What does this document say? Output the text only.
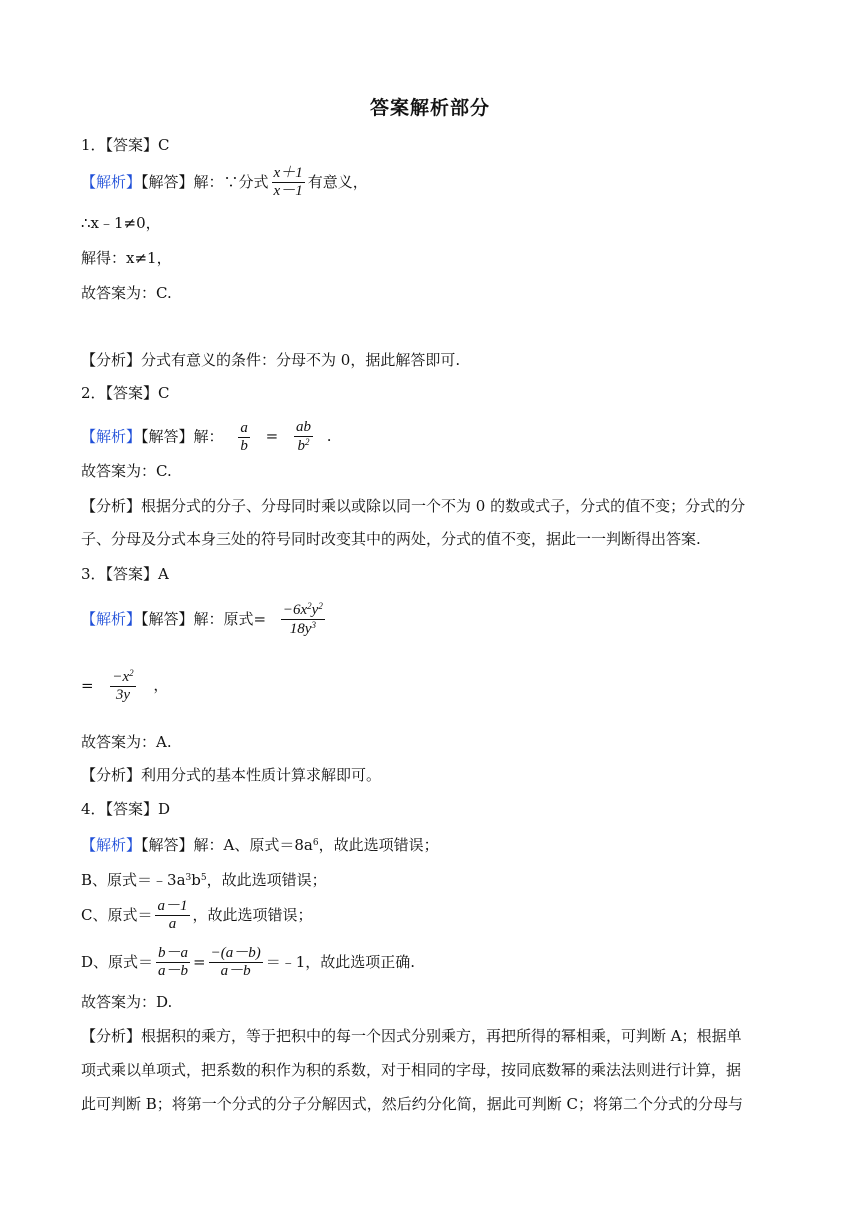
答案解析部分
1．【答案】C
【解析】【解答】解：∵分式 $\frac{x+1}{x-1}$ 有意义，
∴x﹣1≠0，
解得：x≠1，
故答案为：C.
【分析】分式有意义的条件：分母不为 0，据此解答即可.
2．【答案】C
【解析】【解答】解： $\frac{a}{b} = \frac{ab}{b^2}$ .
故答案为：C.
【分析】根据分式的分子、分母同时乘以或除以同一个不为 0 的数或式子，分式的值不变；分式的分
子、分母及分式本身三处的符号同时改变其中的两处，分式的值不变，据此一一判断得出答案.
3．【答案】A
【解析】【解答】解：原式= $\frac{-6x^2y^2}{18y^3}$
= $\frac{-x^2}{3y}$ ，
故答案为：A.
【分析】利用分式的基本性质计算求解即可。
4．【答案】D
【解析】【解答】解：A、原式$=8a^6$，故此选项错误；
B、原式$=﹣3a^3b^5$，故此选项错误；
C、原式＝ $\frac{a-1}{a}$ ，故此选项错误；
D、原式＝ $\frac{b-a}{a-b} = \frac{-(a-b)}{a-b}$ ＝﹣1，故此选项正确.
故答案为：D.
【分析】根据积的乘方，等于把积中的每一个因式分别乘方，再把所得的幂相乘，可判断 A；根据单
项式乘以单项式，把系数的积作为积的系数，对于相同的字母，按同底数幂的乘法法则进行计算，据
此可判断 B；将第一个分式的分子分解因式，然后约分化简，据此可判断 C；将第二个分式的分母与
